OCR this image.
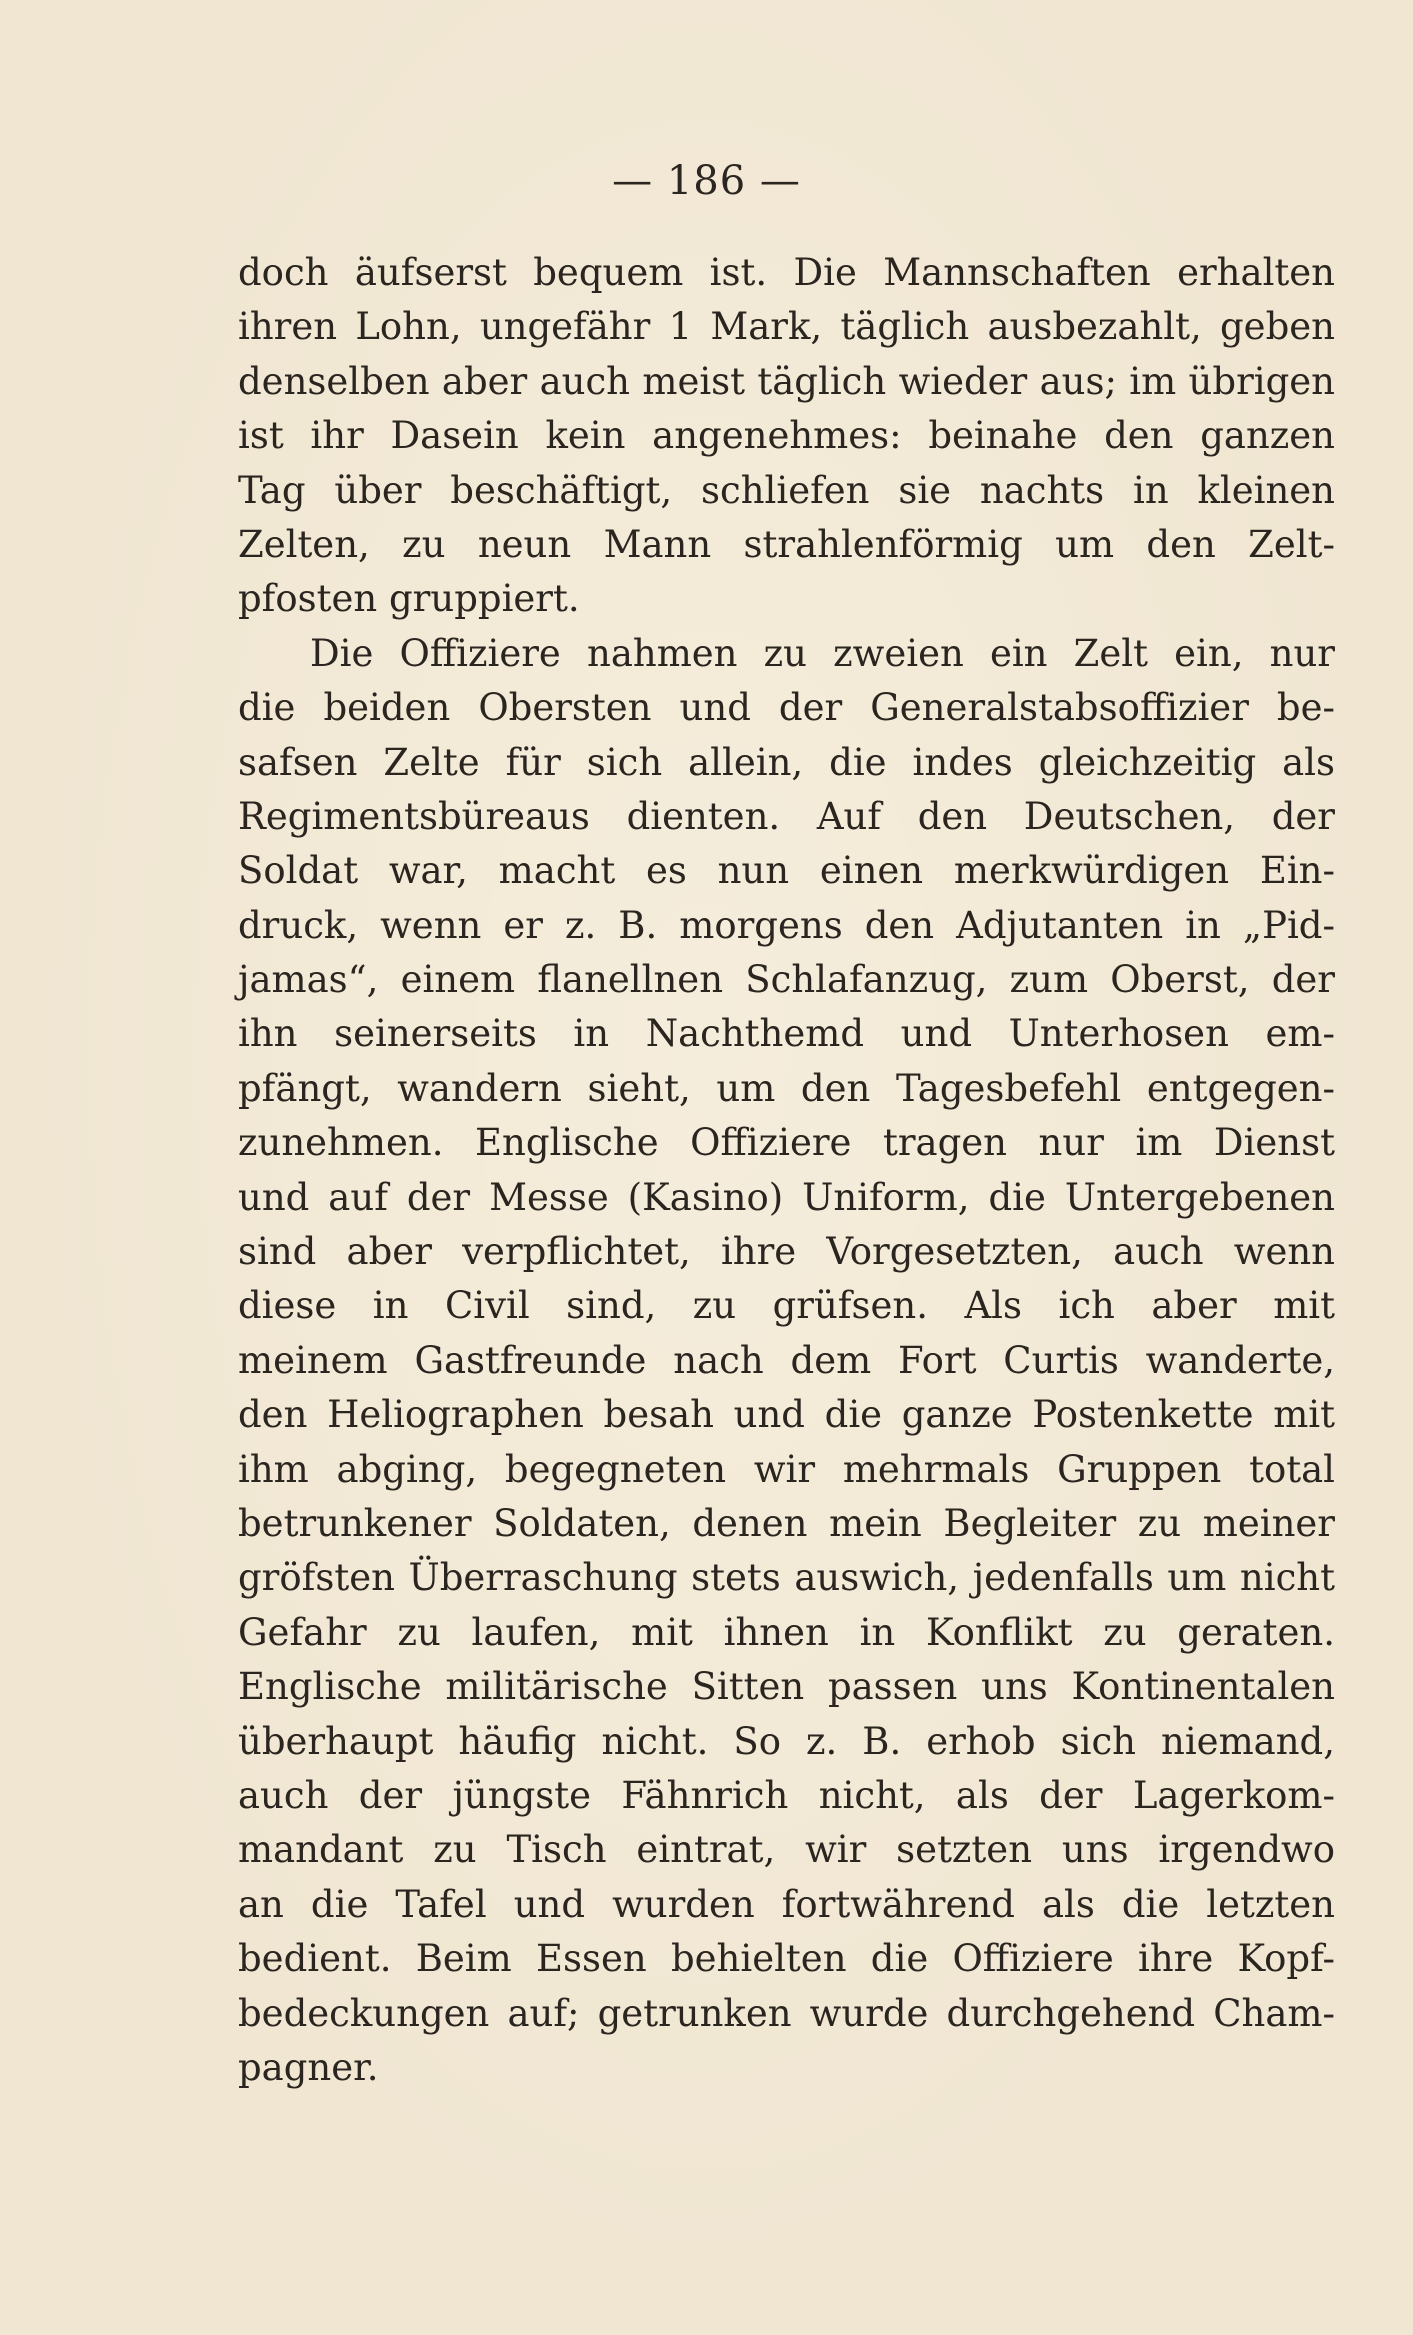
— 186 —
doch äufserst bequem ist. Die Mannschaften erhalten
ihren Lohn, ungefähr 1 Mark, täglich ausbezahlt, geben
denselben aber auch meist täglich wieder aus; im übrigen
ist ihr Dasein kein angenehmes: beinahe den ganzen
Tag über beschäftigt, schliefen sie nachts in kleinen
Zelten, zu neun Mann strahlenförmig um den Zelt-
pfosten gruppiert.
Die Offiziere nahmen zu zweien ein Zelt ein, nur
die beiden Obersten und der Generalstabsoffizier be-
safsen Zelte für sich allein, die indes gleichzeitig als
Regimentsbüreaus dienten. Auf den Deutschen, der
Soldat war, macht es nun einen merkwürdigen Ein-
druck, wenn er z. B. morgens den Adjutanten in „Pid-
jamas“, einem flanellnen Schlafanzug, zum Oberst, der
ihn seinerseits in Nachthemd und Unterhosen em-
pfängt, wandern sieht, um den Tagesbefehl entgegen-
zunehmen. Englische Offiziere tragen nur im Dienst
und auf der Messe (Kasino) Uniform, die Untergebenen
sind aber verpflichtet, ihre Vorgesetzten, auch wenn
diese in Civil sind, zu grüfsen. Als ich aber mit
meinem Gastfreunde nach dem Fort Curtis wanderte,
den Heliographen besah und die ganze Postenkette mit
ihm abging, begegneten wir mehrmals Gruppen total
betrunkener Soldaten, denen mein Begleiter zu meiner
gröfsten Überraschung stets auswich, jedenfalls um nicht
Gefahr zu laufen, mit ihnen in Konflikt zu geraten.
Englische militärische Sitten passen uns Kontinentalen
überhaupt häufig nicht. So z. B. erhob sich niemand,
auch der jüngste Fähnrich nicht, als der Lagerkom-
mandant zu Tisch eintrat, wir setzten uns irgendwo
an die Tafel und wurden fortwährend als die letzten
bedient. Beim Essen behielten die Offiziere ihre Kopf-
bedeckungen auf; getrunken wurde durchgehend Cham-
pagner.
